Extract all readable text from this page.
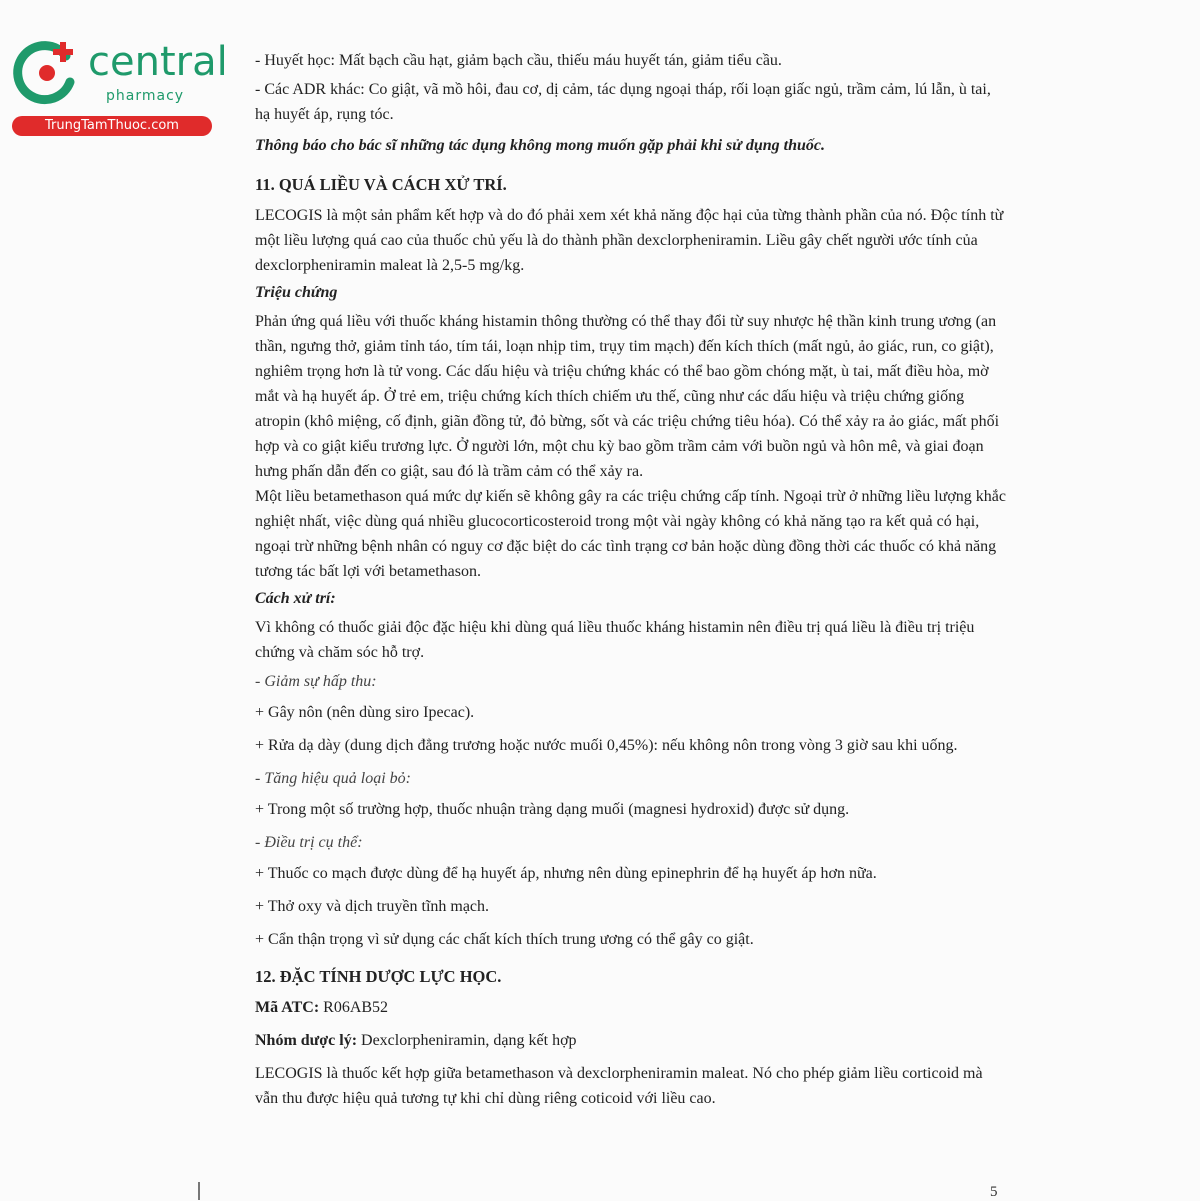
central
pharmacy
TrungTamThuoc.com
- Huyết học: Mất bạch cầu hạt, giảm bạch cầu, thiếu máu huyết tán, giảm tiểu cầu.
- Các ADR khác: Co giật, vã mồ hôi, đau cơ, dị cảm, tác dụng ngoại tháp, rối loạn giấc ngủ, trầm cảm, lú lẫn, ù tai, hạ huyết áp, rụng tóc.
Thông báo cho bác sĩ những tác dụng không mong muốn gặp phải khi sử dụng thuốc.
11. QUÁ LIỀU VÀ CÁCH XỬ TRÍ.
LECOGIS là một sản phẩm kết hợp và do đó phải xem xét khả năng độc hại của từng thành phần của nó. Độc tính từ một liều lượng quá cao của thuốc chủ yếu là do thành phần dexclorpheniramin. Liều gây chết người ước tính của dexclorpheniramin maleat là 2,5-5 mg/kg.
Triệu chứng
Phản ứng quá liều với thuốc kháng histamin thông thường có thể thay đổi từ suy nhược hệ thần kinh trung ương (an thần, ngưng thở, giảm tỉnh táo, tím tái, loạn nhịp tim, trụy tim mạch) đến kích thích (mất ngủ, ảo giác, run, co giật), nghiêm trọng hơn là tử vong. Các dấu hiệu và triệu chứng khác có thể bao gồm chóng mặt, ù tai, mất điều hòa, mờ mắt và hạ huyết áp. Ở trẻ em, triệu chứng kích thích chiếm ưu thế, cũng như các dấu hiệu và triệu chứng giống atropin (khô miệng, cố định, giãn đồng tử, đỏ bừng, sốt và các triệu chứng tiêu hóa). Có thể xảy ra ảo giác, mất phối hợp và co giật kiểu trương lực. Ở người lớn, một chu kỳ bao gồm trầm cảm với buồn ngủ và hôn mê, và giai đoạn hưng phấn dẫn đến co giật, sau đó là trầm cảm có thể xảy ra.
Một liều betamethason quá mức dự kiến sẽ không gây ra các triệu chứng cấp tính. Ngoại trừ ở những liều lượng khắc nghiệt nhất, việc dùng quá nhiều glucocorticosteroid trong một vài ngày không có khả năng tạo ra kết quả có hại, ngoại trừ những bệnh nhân có nguy cơ đặc biệt do các tình trạng cơ bản hoặc dùng đồng thời các thuốc có khả năng tương tác bất lợi với betamethason.
Cách xử trí:
Vì không có thuốc giải độc đặc hiệu khi dùng quá liều thuốc kháng histamin nên điều trị quá liều là điều trị triệu chứng và chăm sóc hỗ trợ.
- Giảm sự hấp thu:
+ Gây nôn (nên dùng siro Ipecac).
+ Rửa dạ dày (dung dịch đẳng trương hoặc nước muối 0,45%): nếu không nôn trong vòng 3 giờ sau khi uống.
- Tăng hiệu quả loại bỏ:
+ Trong một số trường hợp, thuốc nhuận tràng dạng muối (magnesi hydroxid) được sử dụng.
- Điều trị cụ thể:
+ Thuốc co mạch được dùng để hạ huyết áp, nhưng nên dùng epinephrin để hạ huyết áp hơn nữa.
+ Thở oxy và dịch truyền tĩnh mạch.
+ Cẩn thận trọng vì sử dụng các chất kích thích trung ương có thể gây co giật.
12. ĐẶC TÍNH DƯỢC LỰC HỌC.
Mã ATC: R06AB52
Nhóm dược lý: Dexclorpheniramin, dạng kết hợp
LECOGIS là thuốc kết hợp giữa betamethason và dexclorpheniramin maleat. Nó cho phép giảm liều corticoid mà vẫn thu được hiệu quả tương tự khi chỉ dùng riêng coticoid với liều cao.
5
